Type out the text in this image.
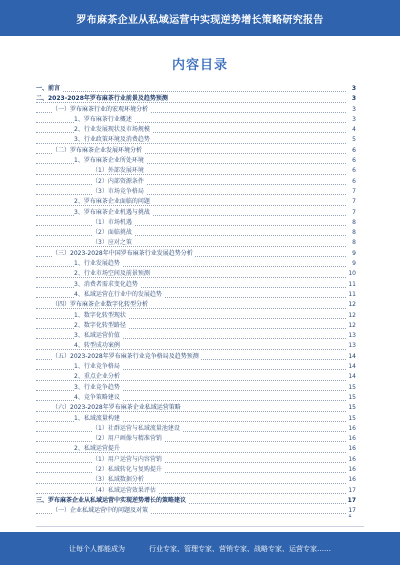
罗布麻茶企业从私域运营中实现逆势增长策略研究报告
内容目录
一、前言	3
二、2023-2028年罗布麻茶行业前景及趋势预测	3
（一）罗布麻茶行业的宏观环境分析	3
1、罗布麻茶行业概述	3
2、行业发展现状及市场规模	4
3、行业政策环境及消费趋势	5
（二）罗布麻茶企业发展环境分析	6
1、罗布麻茶企业所处环境	6
（1）外部发展环境	6
（2）内部资源条件	6
（3）市场竞争格局	7
2、罗布麻茶企业面临的问题	7
3、罗布麻茶企业机遇与挑战	7
（1）市场机遇	8
（2）面临挑战	8
（3）应对之策	8
（三）2023-2028年中国罗布麻茶行业发展趋势分析	9
1、行业发展趋势	9
2、行业市场空间及前景预测	10
3、消费者需求变化趋势	11
4、私域运营在行业中的发展趋势	11
（四）罗布麻茶企业数字化转型分析	12
1、数字化转型现状	12
2、数字化转型路径	12
3、私域运营价值	13
4、转型成功案例	13
（五）2023-2028年罗布麻茶行业竞争格局及趋势预测	14
1、行业竞争格局	14
2、重点企业分析	14
3、行业竞争趋势	15
4、竞争策略建议	15
（六）2023-2028年罗布麻茶企业私域运营策略	15
1、私域流量构建	15
（1）社群运营与私域流量池建设	16
（2）用户画像与精准营销	16
2、私域运营提升	16
（1）用户运营与内容营销	16
（2）私域转化与复购提升	16
（3）私域数据分析	16
（4）私域运营效果评估	17
三、罗布麻茶企业从私域运营中实现逆势增长的策略建议	17
（一）企业私域运营中的问题及对策	17
1
让每个人都能成为	行业专家、管理专家、营销专家、战略专家、运营专家……
